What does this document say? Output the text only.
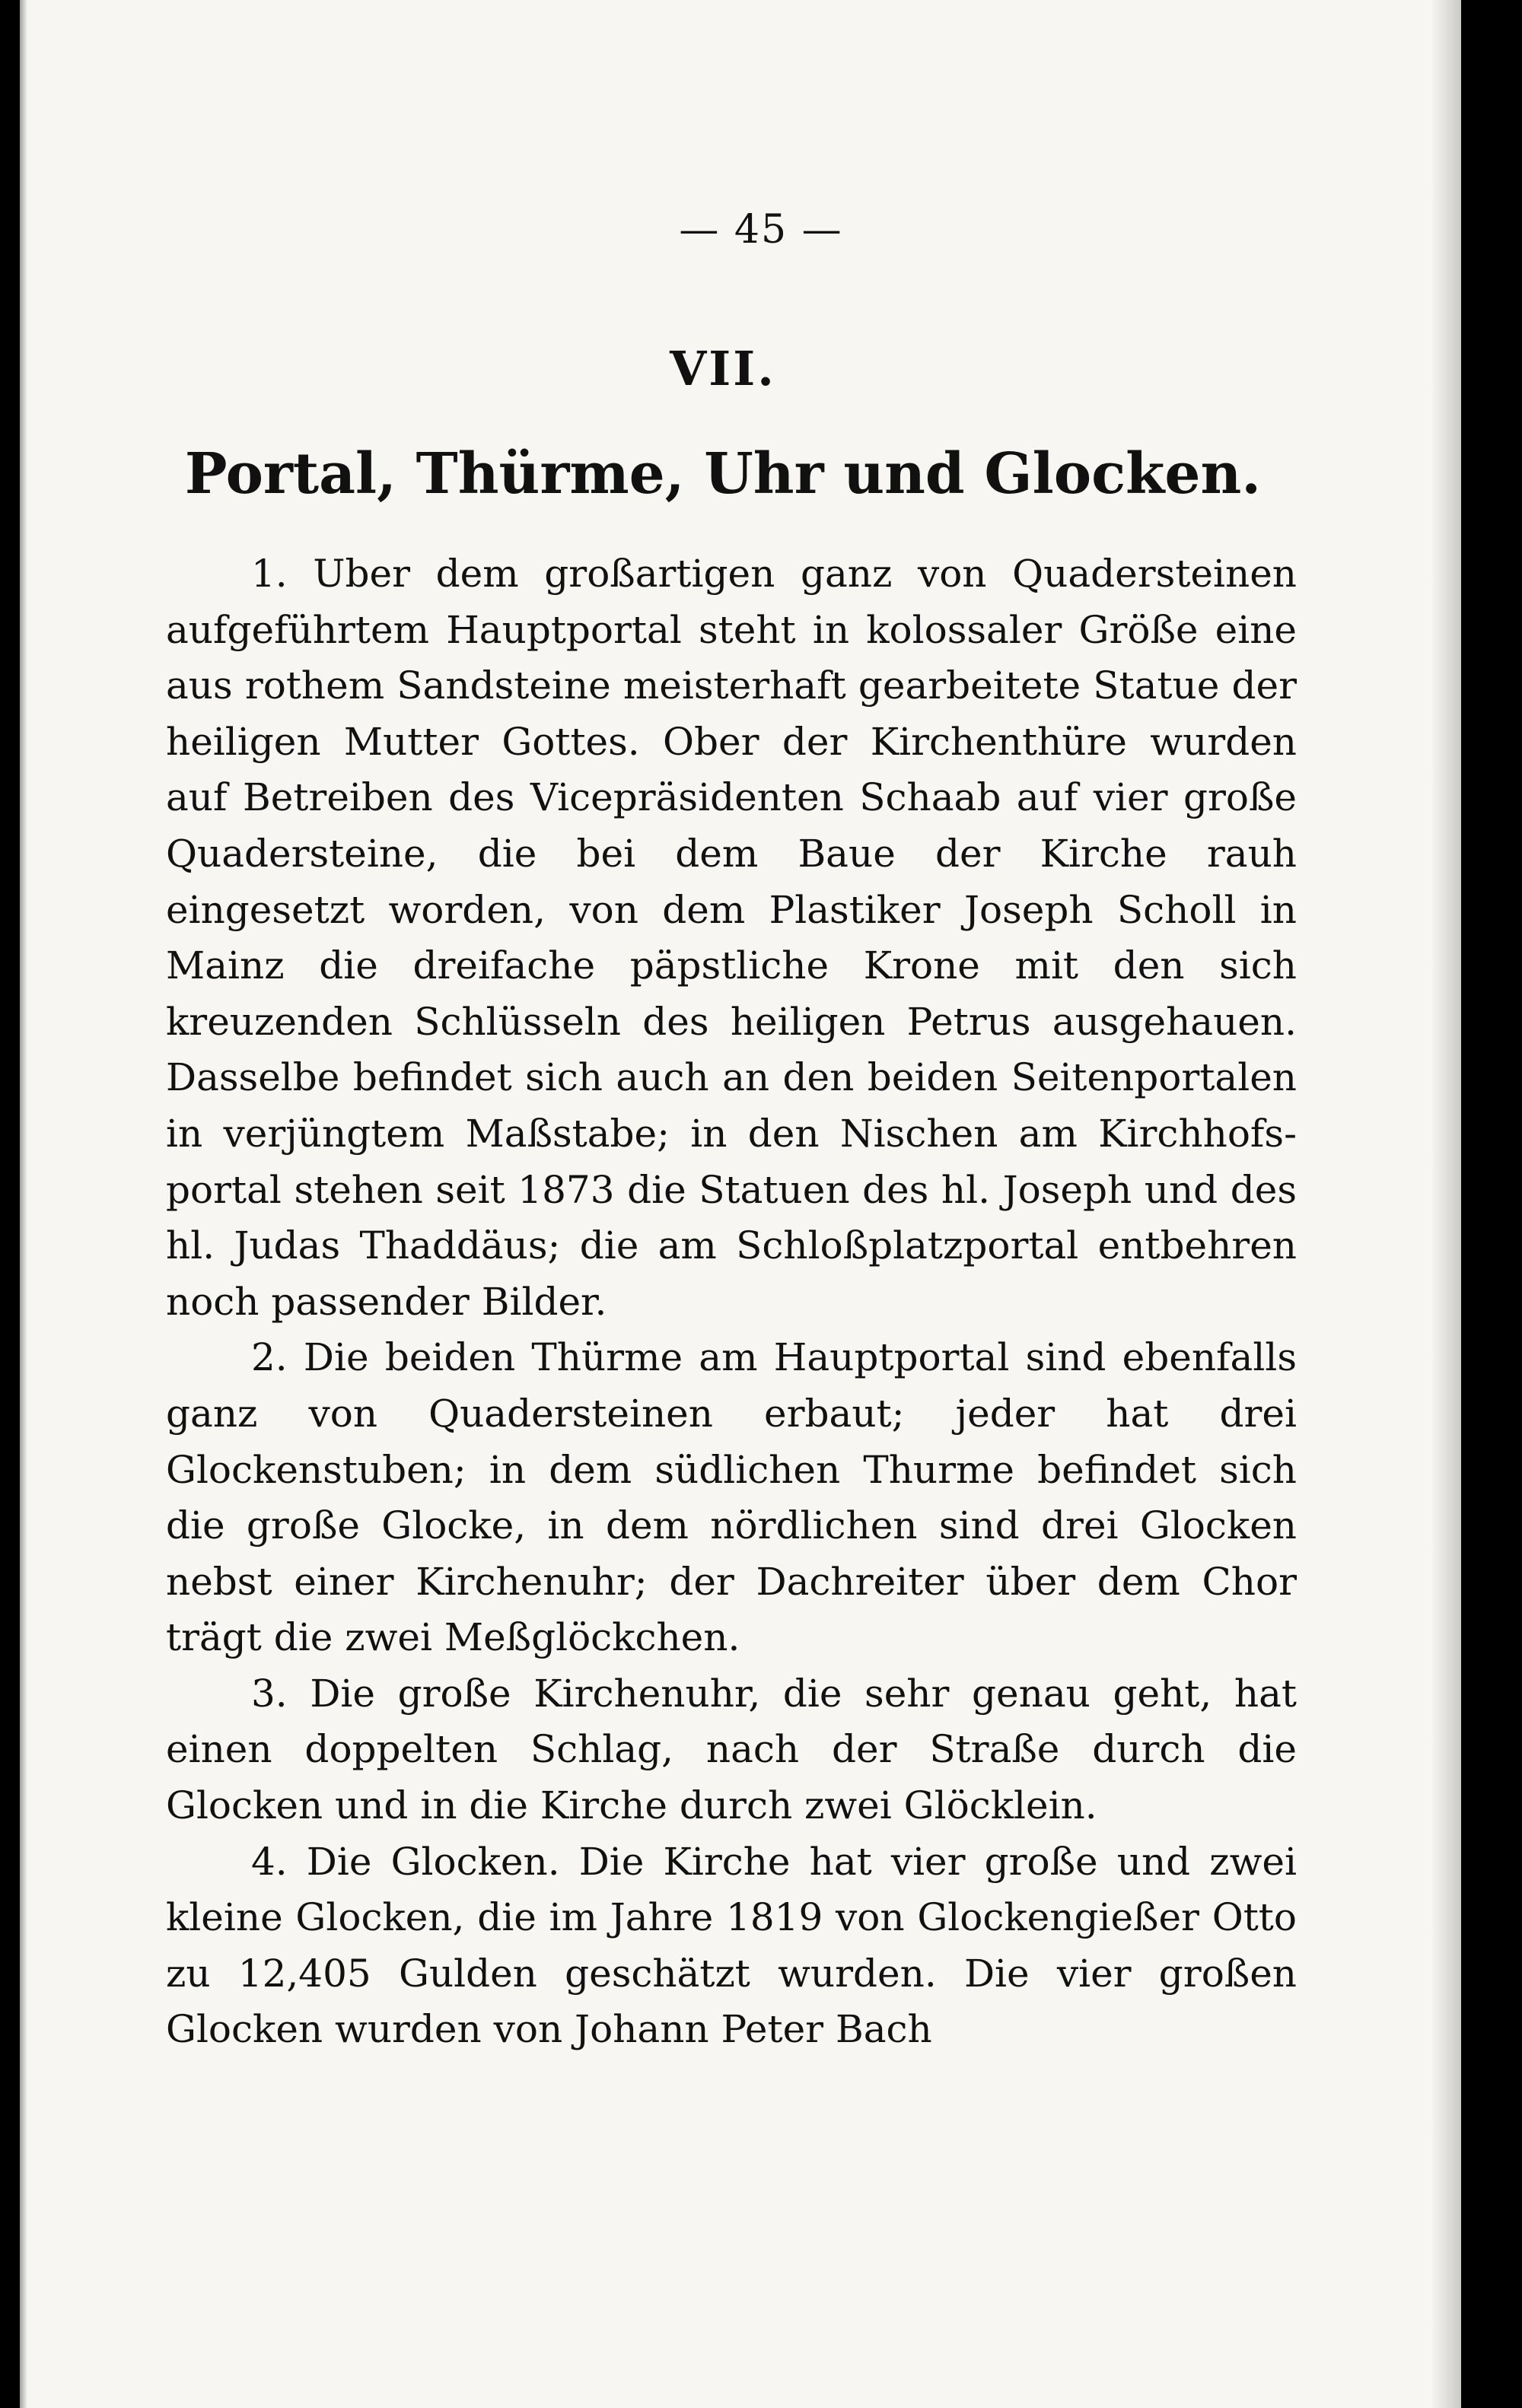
— 45 —
VII.
Portal, Thürme, Uhr und Glocken.

1. Uber dem großartigen ganz von Quadersteinen aufgeführtem Hauptportal steht in kolossaler Größe eine aus rothem Sandsteine meisterhaft gearbeitete Statue der heiligen Mutter Gottes. Ober der Kirchenthüre wurden auf Betreiben des Vicepräsidenten Schaab auf vier große Quadersteine, die bei dem Baue der Kirche rauh eingesetzt worden, von dem Plastiker Joseph Scholl in Mainz die dreifache päpstliche Krone mit den sich kreuzenden Schlüsseln des heiligen Petrus ausgehauen. Dasselbe befindet sich auch an den beiden Seitenportalen in verjüngtem Maßstabe; in den Nischen am Kirchhofsportal stehen seit 1873 die Statuen des hl. Joseph und des hl. Judas Thaddäus; die am Schloßplatzportal entbehren noch passender Bilder.

2. Die beiden Thürme am Hauptportal sind ebenfalls ganz von Quadersteinen erbaut; jeder hat drei Glockenstuben; in dem südlichen Thurme befindet sich die große Glocke, in dem nördlichen sind drei Glocken nebst einer Kirchenuhr; der Dachreiter über dem Chor trägt die zwei Meßglöckchen.

3. Die große Kirchenuhr, die sehr genau geht, hat einen doppelten Schlag, nach der Straße durch die Glocken und in die Kirche durch zwei Glöcklein.

4. Die Glocken. Die Kirche hat vier große und zwei kleine Glocken, die im Jahre 1819 von Glockengießer Otto zu 12,405 Gulden geschätzt wurden. Die vier großen Glocken wurden von Johann Peter Bach
